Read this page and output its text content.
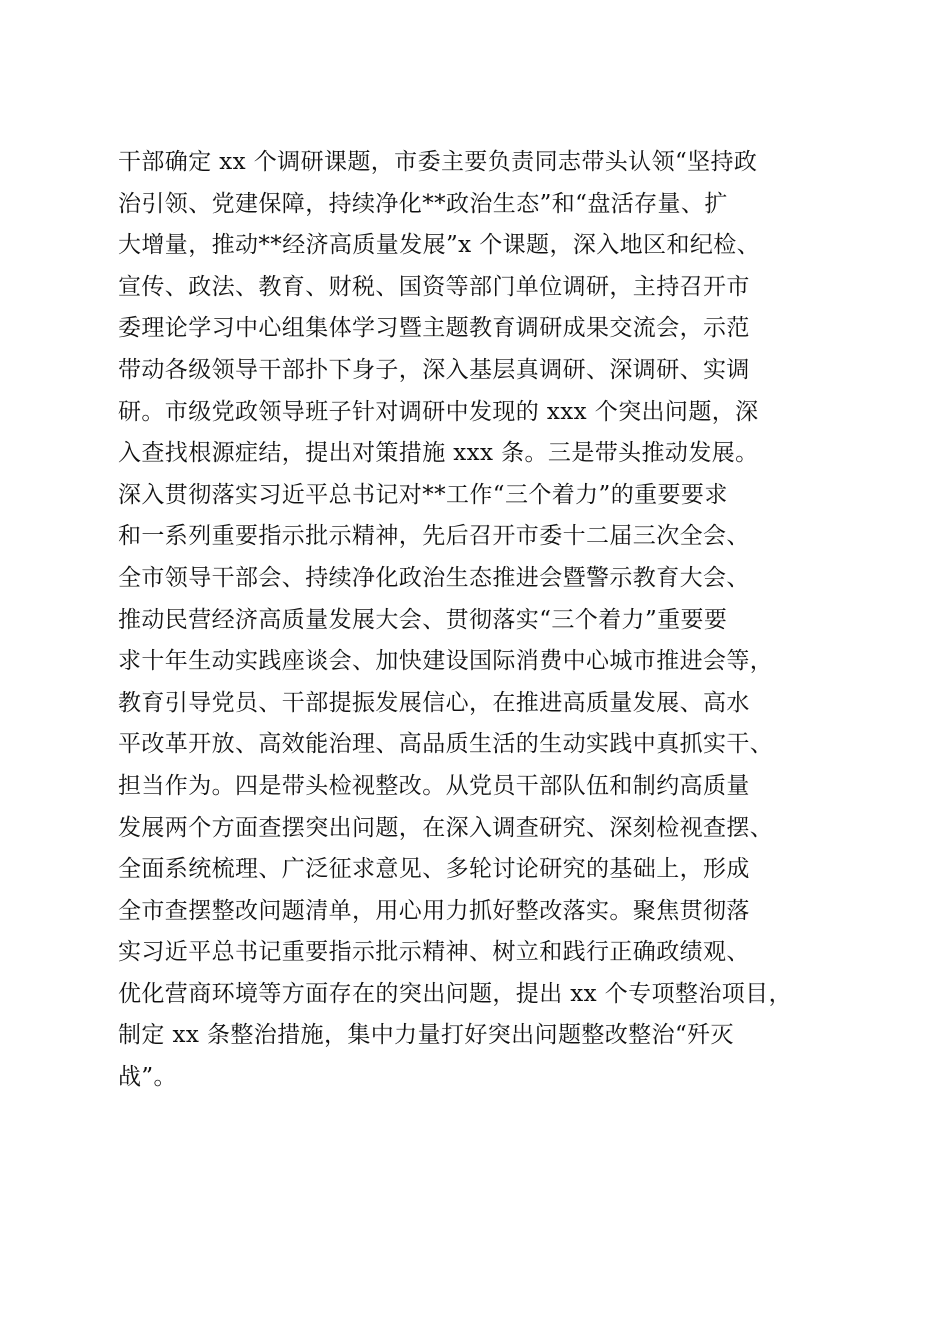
干部确定 xx 个调研课题，市委主要负责同志带头认领“坚持政
治引领、党建保障，持续净化**政治生态”和“盘活存量、扩
大增量，推动**经济高质量发展”x 个课题，深入地区和纪检、
宣传、政法、教育、财税、国资等部门单位调研，主持召开市
委理论学习中心组集体学习暨主题教育调研成果交流会，示范
带动各级领导干部扑下身子，深入基层真调研、深调研、实调
研。市级党政领导班子针对调研中发现的 xxx 个突出问题，深
入查找根源症结，提出对策措施 xxx 条。三是带头推动发展。
深入贯彻落实习近平总书记对**工作“三个着力”的重要要求
和一系列重要指示批示精神，先后召开市委十二届三次全会、
全市领导干部会、持续净化政治生态推进会暨警示教育大会、
推动民营经济高质量发展大会、贯彻落实“三个着力”重要要
求十年生动实践座谈会、加快建设国际消费中心城市推进会等，
教育引导党员、干部提振发展信心，在推进高质量发展、高水
平改革开放、高效能治理、高品质生活的生动实践中真抓实干、
担当作为。四是带头检视整改。从党员干部队伍和制约高质量
发展两个方面查摆突出问题，在深入调查研究、深刻检视查摆、
全面系统梳理、广泛征求意见、多轮讨论研究的基础上，形成
全市查摆整改问题清单，用心用力抓好整改落实。聚焦贯彻落
实习近平总书记重要指示批示精神、树立和践行正确政绩观、
优化营商环境等方面存在的突出问题，提出 xx 个专项整治项目，
制定 xx 条整治措施，集中力量打好突出问题整改整治“歼灭
战”。
